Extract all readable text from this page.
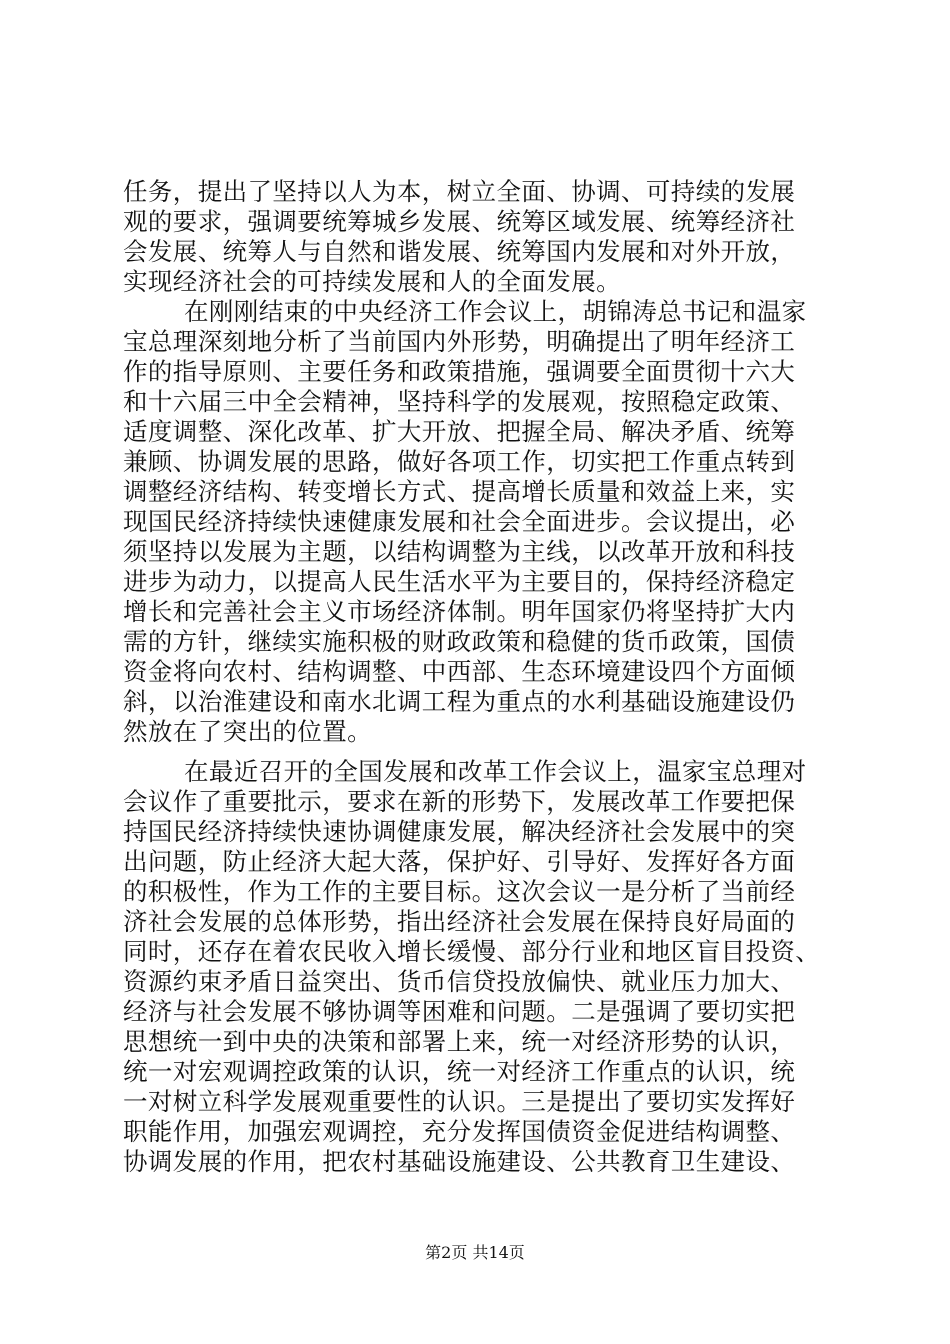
任务，提出了坚持以人为本，树立全面、协调、可持续的发展
观的要求，强调要统筹城乡发展、统筹区域发展、统筹经济社
会发展、统筹人与自然和谐发展、统筹国内发展和对外开放，
实现经济社会的可持续发展和人的全面发展。
在刚刚结束的中央经济工作会议上，胡锦涛总书记和温家
宝总理深刻地分析了当前国内外形势，明确提出了明年经济工
作的指导原则、主要任务和政策措施，强调要全面贯彻十六大
和十六届三中全会精神，坚持科学的发展观，按照稳定政策、
适度调整、深化改革、扩大开放、把握全局、解决矛盾、统筹
兼顾、协调发展的思路，做好各项工作，切实把工作重点转到
调整经济结构、转变增长方式、提高增长质量和效益上来，实
现国民经济持续快速健康发展和社会全面进步。会议提出，必
须坚持以发展为主题，以结构调整为主线，以改革开放和科技
进步为动力，以提高人民生活水平为主要目的，保持经济稳定
增长和完善社会主义市场经济体制。明年国家仍将坚持扩大内
需的方针，继续实施积极的财政政策和稳健的货币政策，国债
资金将向农村、结构调整、中西部、生态环境建设四个方面倾
斜，以治淮建设和南水北调工程为重点的水利基础设施建设仍
然放在了突出的位置。
在最近召开的全国发展和改革工作会议上，温家宝总理对
会议作了重要批示，要求在新的形势下，发展改革工作要把保
持国民经济持续快速协调健康发展，解决经济社会发展中的突
出问题，防止经济大起大落，保护好、引导好、发挥好各方面
的积极性，作为工作的主要目标。这次会议一是分析了当前经
济社会发展的总体形势，指出经济社会发展在保持良好局面的
同时，还存在着农民收入增长缓慢、部分行业和地区盲目投资、
资源约束矛盾日益突出、货币信贷投放偏快、就业压力加大、
经济与社会发展不够协调等困难和问题。二是强调了要切实把
思想统一到中央的决策和部署上来，统一对经济形势的认识，
统一对宏观调控政策的认识，统一对经济工作重点的认识，统
一对树立科学发展观重要性的认识。三是提出了要切实发挥好
职能作用，加强宏观调控，充分发挥国债资金促进结构调整、
协调发展的作用，把农村基础设施建设、公共教育卫生建设、
第2页 共14页
